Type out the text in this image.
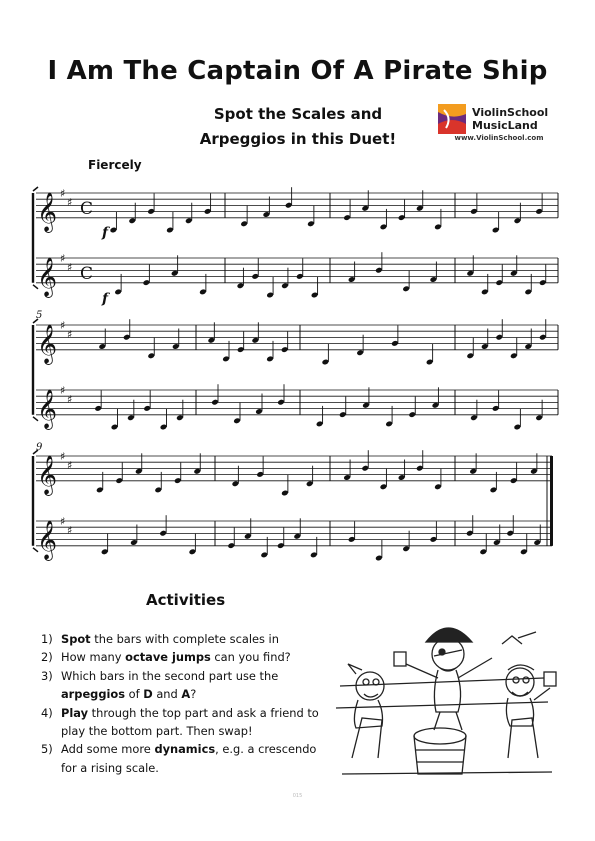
I Am The Captain Of A Pirate Ship
Spot the Scales and
Arpeggios in this Duet!
ViolinSchool
MusicLand
www.ViolinSchool.com
Fiercely
𝄞 ♯
♯
𝄞 ♯
♯
𝄞 ♯
♯
𝄞 ♯
♯
𝄞 ♯
♯
𝄞 ♯
♯
5
9
f
f
C
C
Activities
1) Spot the bars with complete scales in
2) How many octave jumps can you find?
3) Which bars in the second part use the arpeggios of D and A?
4) Play through the top part and ask a friend to play the bottom part. Then swap!
5) Add some more dynamics, e.g. a crescendo for a rising scale.
015
